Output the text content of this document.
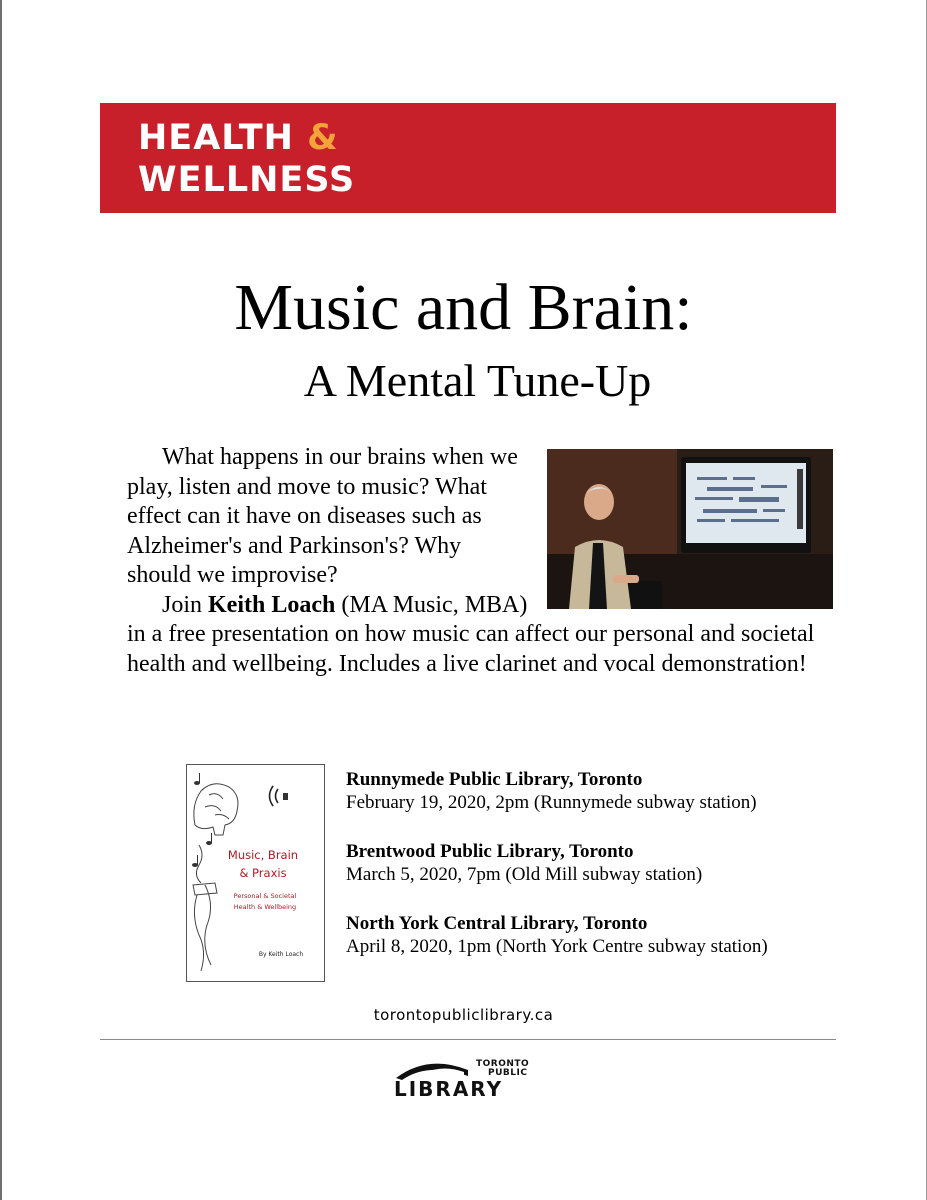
HEALTH &
WELLNESS
Music and Brain:
A Mental Tune-Up

What happens in our brains when we play, listen and move to music? What effect can it have on diseases such as Alzheimer's and Parkinson's? Why should we improvise?

Join Keith Loach (MA Music, MBA) in a free presentation on how music can affect our personal and societal health and wellbeing. Includes a live clarinet and vocal demonstration!

Music, Brain
& Praxis
Personal & Societal
Health & Wellbeing
By Keith Loach
Runnymede Public Library, Toronto
February 19, 2020, 2pm (Runnymede subway station)
Brentwood Public Library, Toronto
March 5, 2020, 7pm (Old Mill subway station)
North York Central Library, Toronto
April 8, 2020, 1pm (North York Centre subway station)
torontopubliclibrary.ca
TORONTO
PUBLIC
LIBRARY
